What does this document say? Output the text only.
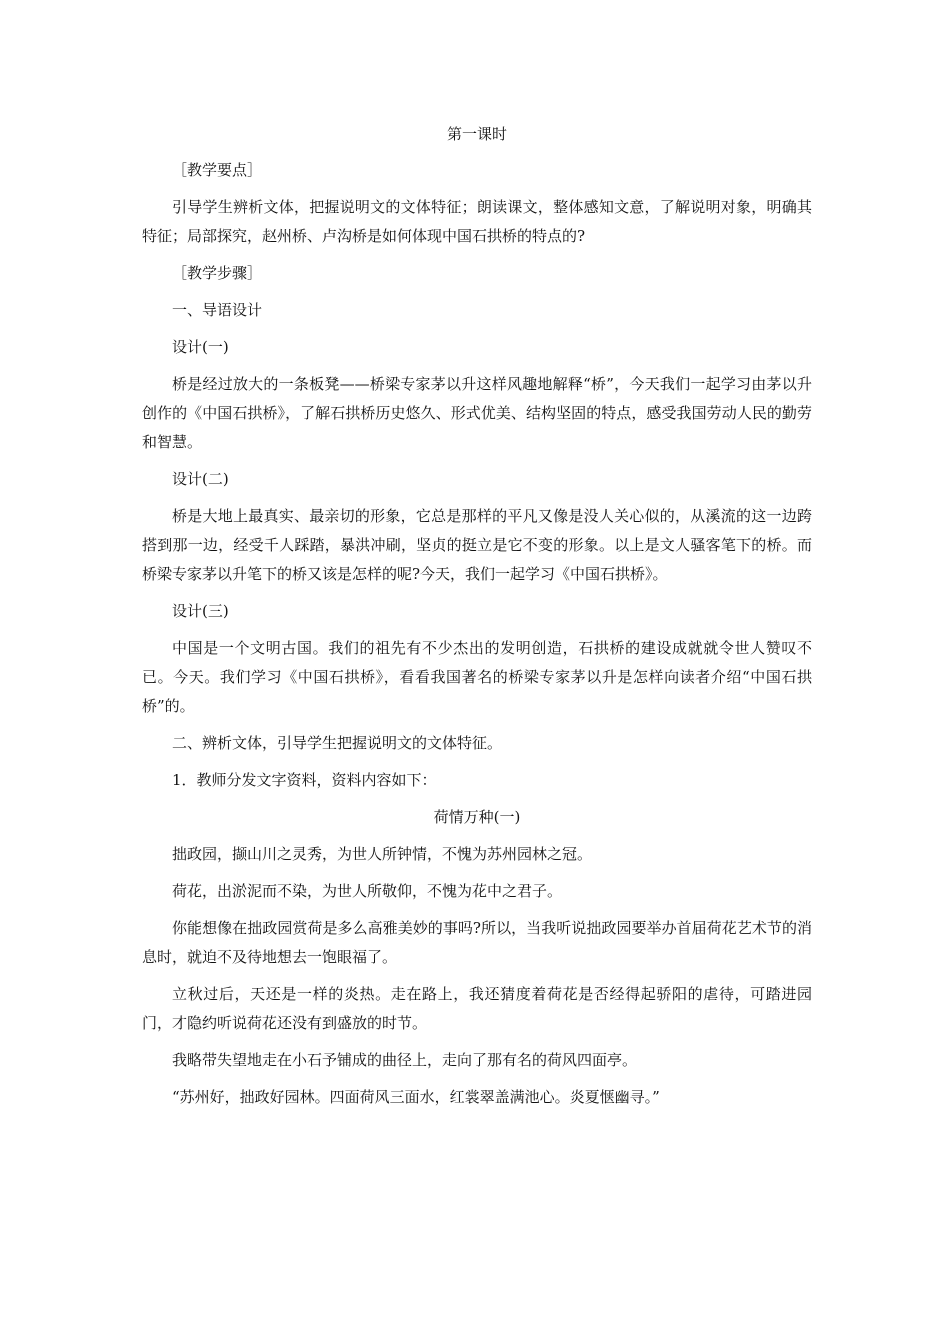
第一课时
［教学要点］
引导学生辨析文体，把握说明文的文体特征；朗读课文，整体感知文意，了解说明对象，明确其特征；局部探究，赵州桥、卢沟桥是如何体现中国石拱桥的特点的?
［教学步骤］
一、导语设计
设计(一)
桥是经过放大的一条板凳——桥梁专家茅以升这样风趣地解释“桥”，今天我们一起学习由茅以升创作的《中国石拱桥》，了解石拱桥历史悠久、形式优美、结构坚固的特点，感受我国劳动人民的勤劳和智慧。
设计(二)
桥是大地上最真实、最亲切的形象，它总是那样的平凡又像是没人关心似的，从溪流的这一边跨搭到那一边，经受千人踩踏，暴洪冲刷，坚贞的挺立是它不变的形象。以上是文人骚客笔下的桥。而桥梁专家茅以升笔下的桥又该是怎样的呢?今天，我们一起学习《中国石拱桥》。
设计(三)
中国是一个文明古国。我们的祖先有不少杰出的发明创造，石拱桥的建设成就就令世人赞叹不已。今天。我们学习《中国石拱桥》，看看我国著名的桥梁专家茅以升是怎样向读者介绍“中国石拱桥”的。
二、辨析文体，引导学生把握说明文的文体特征。
1．教师分发文字资料，资料内容如下：
荷情万种(一)
拙政园，撷山川之灵秀，为世人所钟情，不愧为苏州园林之冠。
荷花，出淤泥而不染，为世人所敬仰，不愧为花中之君子。
你能想像在拙政园赏荷是多么高雅美妙的事吗?所以，当我听说拙政园要举办首届荷花艺术节的消息时，就迫不及待地想去一饱眼福了。
立秋过后，天还是一样的炎热。走在路上，我还猜度着荷花是否经得起骄阳的虐待，可踏进园门，才隐约听说荷花还没有到盛放的时节。
我略带失望地走在小石予铺成的曲径上，走向了那有名的荷风四面亭。
“苏州好，拙政好园林。四面荷风三面水，红裳翠盖满池心。炎夏惬幽寻。”
